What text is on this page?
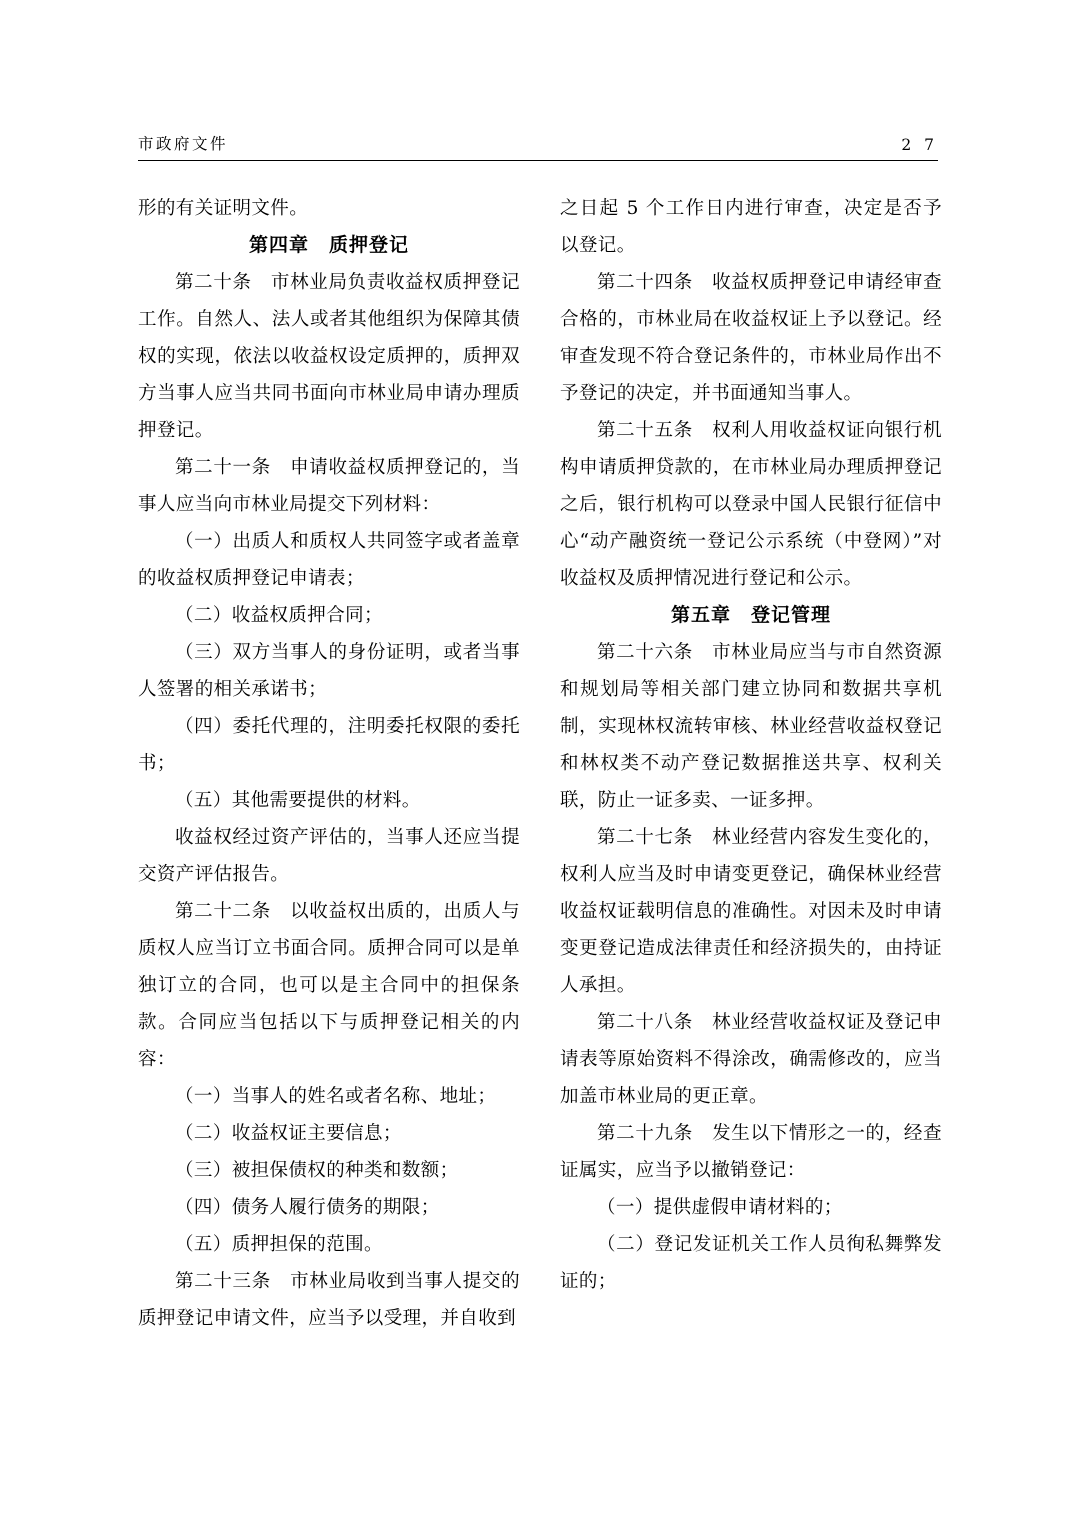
市政府文件	2 7

形的有关证明文件。

第四章　质押登记

第二十条　市林业局负责收益权质押登记工作。自然人、法人或者其他组织为保障其债权的实现，依法以收益权设定质押的，质押双方当事人应当共同书面向市林业局申请办理质押登记。

第二十一条　申请收益权质押登记的，当事人应当向市林业局提交下列材料：

（一）出质人和质权人共同签字或者盖章的收益权质押登记申请表；

（二）收益权质押合同；

（三）双方当事人的身份证明，或者当事人签署的相关承诺书；

（四）委托代理的，注明委托权限的委托书；

（五）其他需要提供的材料。

收益权经过资产评估的，当事人还应当提交资产评估报告。

第二十二条　以收益权出质的，出质人与质权人应当订立书面合同。质押合同可以是单独订立的合同，也可以是主合同中的担保条款。合同应当包括以下与质押登记相关的内容：

（一）当事人的姓名或者名称、地址；

（二）收益权证主要信息；

（三）被担保债权的种类和数额；

（四）债务人履行债务的期限；

（五）质押担保的范围。

第二十三条　市林业局收到当事人提交的质押登记申请文件，应当予以受理，并自收到

之日起 5 个工作日内进行审查，决定是否予以登记。

第二十四条　收益权质押登记申请经审查合格的，市林业局在收益权证上予以登记。经审查发现不符合登记条件的，市林业局作出不予登记的决定，并书面通知当事人。

第二十五条　权利人用收益权证向银行机构申请质押贷款的，在市林业局办理质押登记之后，银行机构可以登录中国人民银行征信中心“动产融资统一登记公示系统（中登网）”对收益权及质押情况进行登记和公示。

第五章　登记管理

第二十六条　市林业局应当与市自然资源和规划局等相关部门建立协同和数据共享机制，实现林权流转审核、林业经营收益权登记和林权类不动产登记数据推送共享、权利关联，防止一证多卖、一证多押。

第二十七条　林业经营内容发生变化的，权利人应当及时申请变更登记，确保林业经营收益权证载明信息的准确性。对因未及时申请变更登记造成法律责任和经济损失的，由持证人承担。

第二十八条　林业经营收益权证及登记申请表等原始资料不得涂改，确需修改的，应当加盖市林业局的更正章。

第二十九条　发生以下情形之一的，经查证属实，应当予以撤销登记：

（一）提供虚假申请材料的；

（二）登记发证机关工作人员徇私舞弊发证的；
